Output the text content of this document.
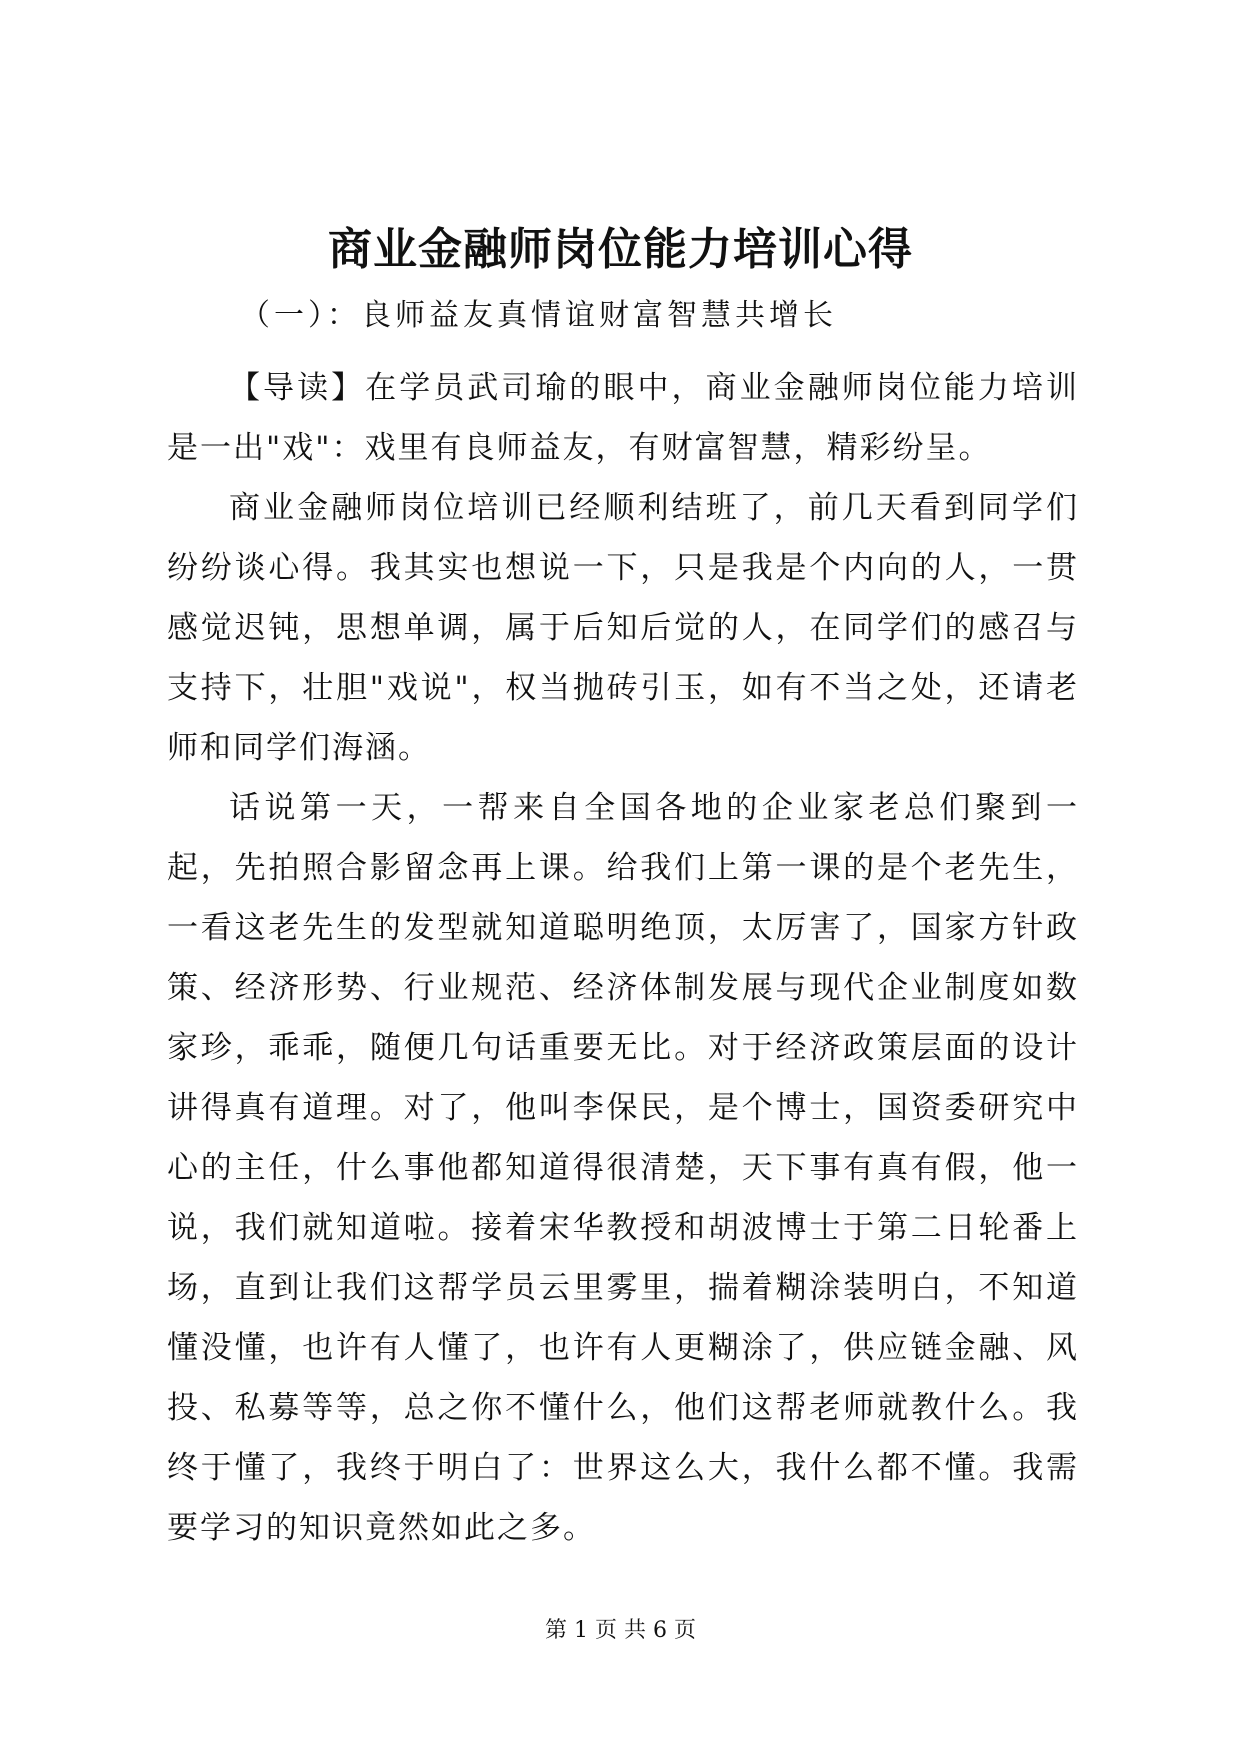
商业金融师岗位能力培训心得

（一）：良师益友真情谊财富智慧共增长

【导读】在学员武司瑜的眼中，商业金融师岗位能力培训是一出"戏"：戏里有良师益友，有财富智慧，精彩纷呈。

商业金融师岗位培训已经顺利结班了，前几天看到同学们纷纷谈心得。我其实也想说一下，只是我是个内向的人，一贯感觉迟钝，思想单调，属于后知后觉的人，在同学们的感召与支持下，壮胆"戏说"，权当抛砖引玉，如有不当之处，还请老师和同学们海涵。

话说第一天，一帮来自全国各地的企业家老总们聚到一起，先拍照合影留念再上课。给我们上第一课的是个老先生，一看这老先生的发型就知道聪明绝顶，太厉害了，国家方针政策、经济形势、行业规范、经济体制发展与现代企业制度如数家珍，乖乖，随便几句话重要无比。对于经济政策层面的设计讲得真有道理。对了，他叫李保民，是个博士，国资委研究中心的主任，什么事他都知道得很清楚，天下事有真有假，他一说，我们就知道啦。接着宋华教授和胡波博士于第二日轮番上场，直到让我们这帮学员云里雾里，揣着糊涂装明白，不知道懂没懂，也许有人懂了，也许有人更糊涂了，供应链金融、风投、私募等等，总之你不懂什么，他们这帮老师就教什么。我终于懂了，我终于明白了：世界这么大，我什么都不懂。我需要学习的知识竟然如此之多。

第 1 页 共 6 页
